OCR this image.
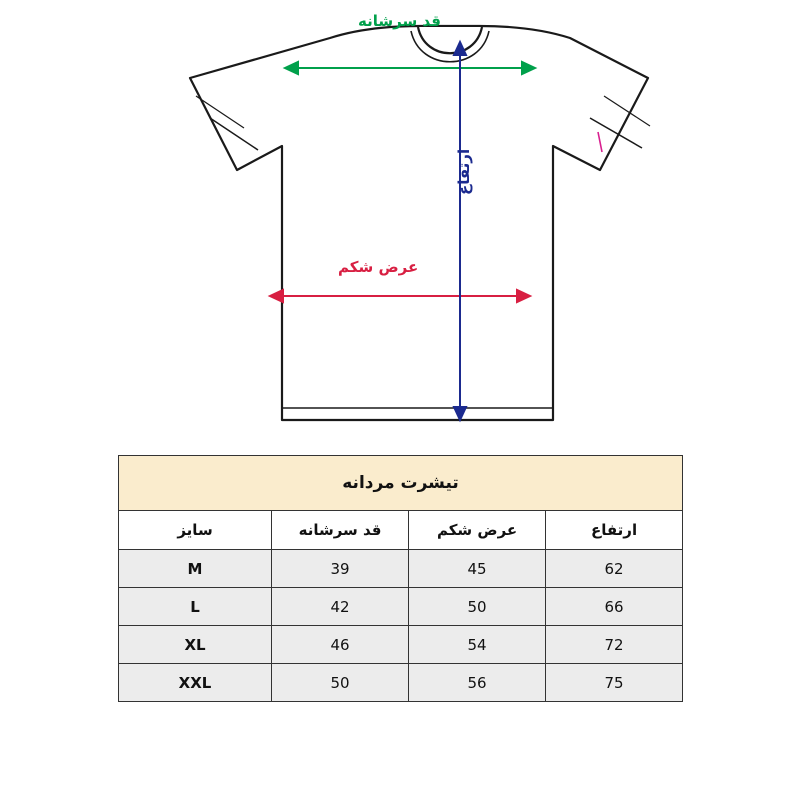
قد سرشانه
عرض شکم
ارتفاع
تیشرت مردانه			
ارتفاع	عرض شکم	قد سرشانه	سایز
62	45	39	M
66	50	42	L
72	54	46	XL
75	56	50	XXL
